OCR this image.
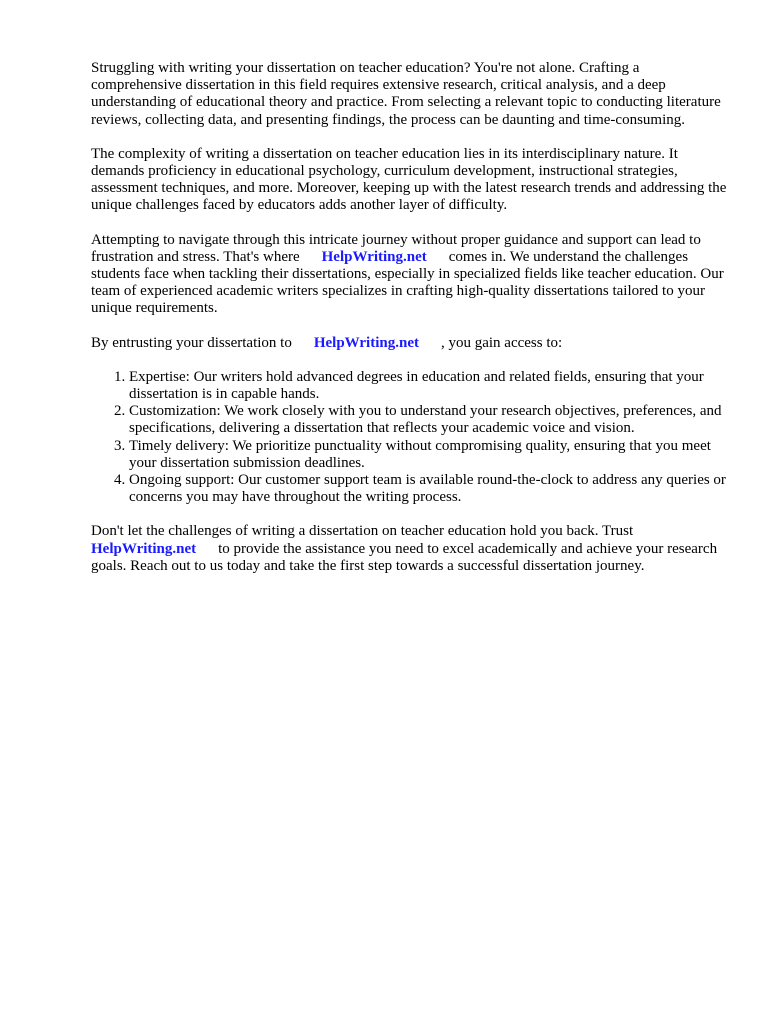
Struggling with writing your dissertation on teacher education? You're not alone. Crafting a comprehensive dissertation in this field requires extensive research, critical analysis, and a deep understanding of educational theory and practice. From selecting a relevant topic to conducting literature reviews, collecting data, and presenting findings, the process can be daunting and time-consuming.

The complexity of writing a dissertation on teacher education lies in its interdisciplinary nature. It demands proficiency in educational psychology, curriculum development, instructional strategies, assessment techniques, and more. Moreover, keeping up with the latest research trends and addressing the unique challenges faced by educators adds another layer of difficulty.

Attempting to navigate through this intricate journey without proper guidance and support can lead to frustration and stress. That's where HelpWriting.net comes in. We understand the challenges students face when tackling their dissertations, especially in specialized fields like teacher education. Our team of experienced academic writers specializes in crafting high-quality dissertations tailored to your unique requirements.

By entrusting your dissertation to HelpWriting.net , you gain access to:

1. Expertise: Our writers hold advanced degrees in education and related fields, ensuring that your dissertation is in capable hands.
2. Customization: We work closely with you to understand your research objectives, preferences, and specifications, delivering a dissertation that reflects your academic voice and vision.
3. Timely delivery: We prioritize punctuality without compromising quality, ensuring that you meet your dissertation submission deadlines.
4. Ongoing support: Our customer support team is available round-the-clock to address any queries or concerns you may have throughout the writing process.

Don't let the challenges of writing a dissertation on teacher education hold you back. Trust HelpWriting.net to provide the assistance you need to excel academically and achieve your research goals. Reach out to us today and take the first step towards a successful dissertation journey.
